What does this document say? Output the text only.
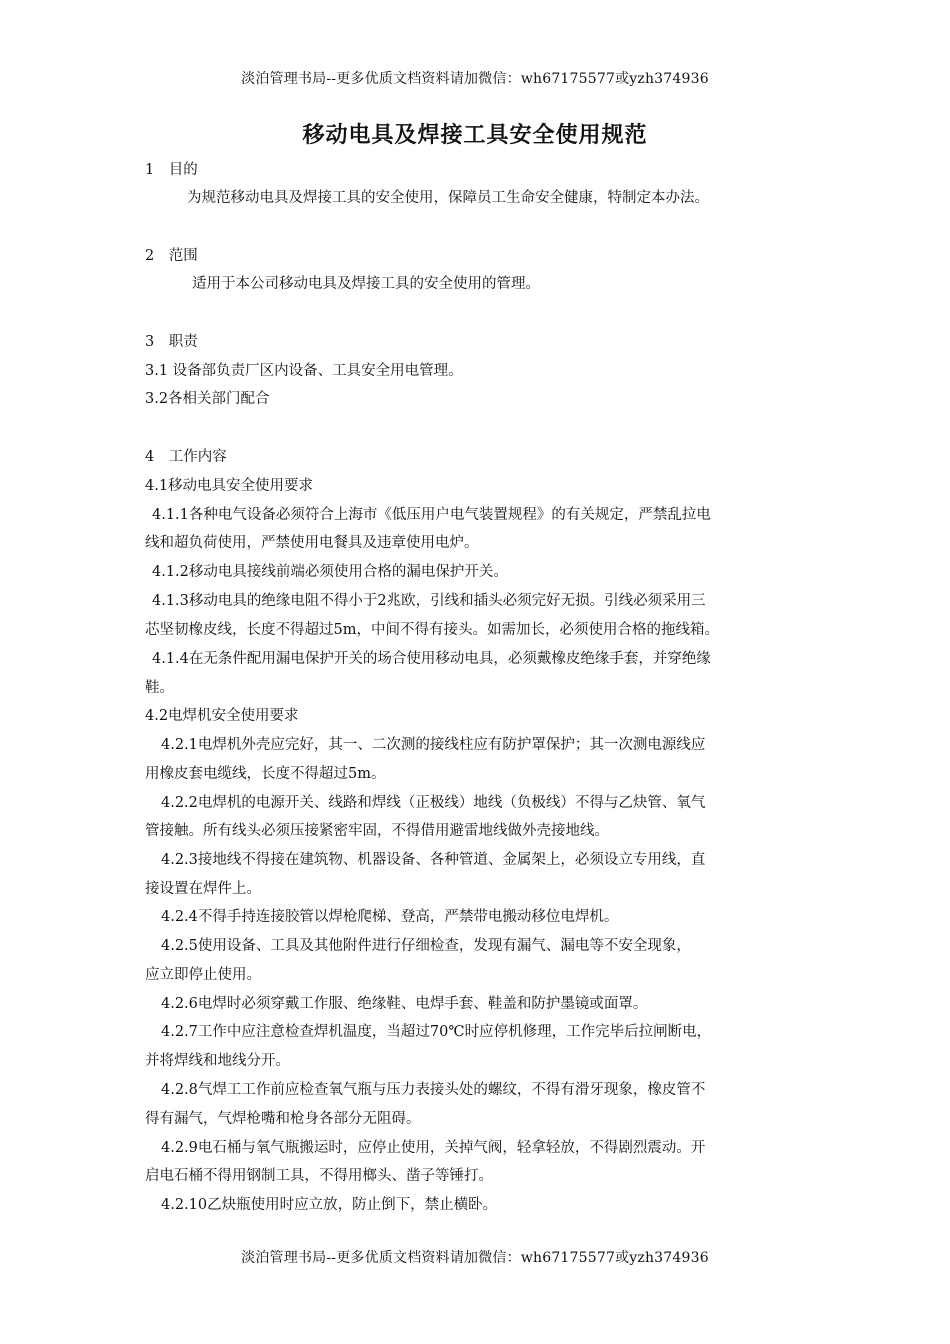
淡泊管理书局--更多优质文档资料请加微信：wh67175577或yzh374936
移动电具及焊接工具安全使用规范
1　目的
为规范移动电具及焊接工具的安全使用，保障员工生命安全健康，特制定本办法。
2　范围
适用于本公司移动电具及焊接工具的安全使用的管理。
3　职责
3.1 设备部负责厂区内设备、工具安全用电管理。
3.2各相关部门配合
4　工作内容
4.1移动电具安全使用要求
4.1.1各种电气设备必须符合上海市《低压用户电气装置规程》的有关规定，严禁乱拉电
线和超负荷使用，严禁使用电餐具及违章使用电炉。
4.1.2移动电具接线前端必须使用合格的漏电保护开关。
4.1.3移动电具的绝缘电阻不得小于2兆欧，引线和插头必须完好无损。引线必须采用三
芯坚韧橡皮线，长度不得超过5m，中间不得有接头。如需加长，必须使用合格的拖线箱。
4.1.4在无条件配用漏电保护开关的场合使用移动电具，必须戴橡皮绝缘手套，并穿绝缘
鞋。
4.2电焊机安全使用要求
4.2.1电焊机外壳应完好，其一、二次测的接线柱应有防护罩保护；其一次测电源线应
用橡皮套电缆线，长度不得超过5m。
4.2.2电焊机的电源开关、线路和焊线（正极线）地线（负极线）不得与乙炔管、氧气
管接触。所有线头必须压接紧密牢固，不得借用避雷地线做外壳接地线。
4.2.3接地线不得接在建筑物、机器设备、各种管道、金属架上，必须设立专用线，直
接设置在焊件上。
4.2.4不得手持连接胶管以焊枪爬梯、登高，严禁带电搬动移位电焊机。
4.2.5使用设备、工具及其他附件进行仔细检查，发现有漏气、漏电等不安全现象，
应立即停止使用。
4.2.6电焊时必须穿戴工作服、绝缘鞋、电焊手套、鞋盖和防护墨镜或面罩。
4.2.7工作中应注意检查焊机温度，当超过70℃时应停机修理，工作完毕后拉闸断电，
并将焊线和地线分开。
4.2.8气焊工工作前应检查氧气瓶与压力表接头处的螺纹，不得有滑牙现象，橡皮管不
得有漏气，气焊枪嘴和枪身各部分无阻碍。
4.2.9电石桶与氧气瓶搬运时，应停止使用，关掉气阀，轻拿轻放，不得剧烈震动。开
启电石桶不得用钢制工具，不得用榔头、凿子等锤打。
4.2.10乙炔瓶使用时应立放，防止倒下，禁止横卧。
淡泊管理书局--更多优质文档资料请加微信：wh67175577或yzh374936
